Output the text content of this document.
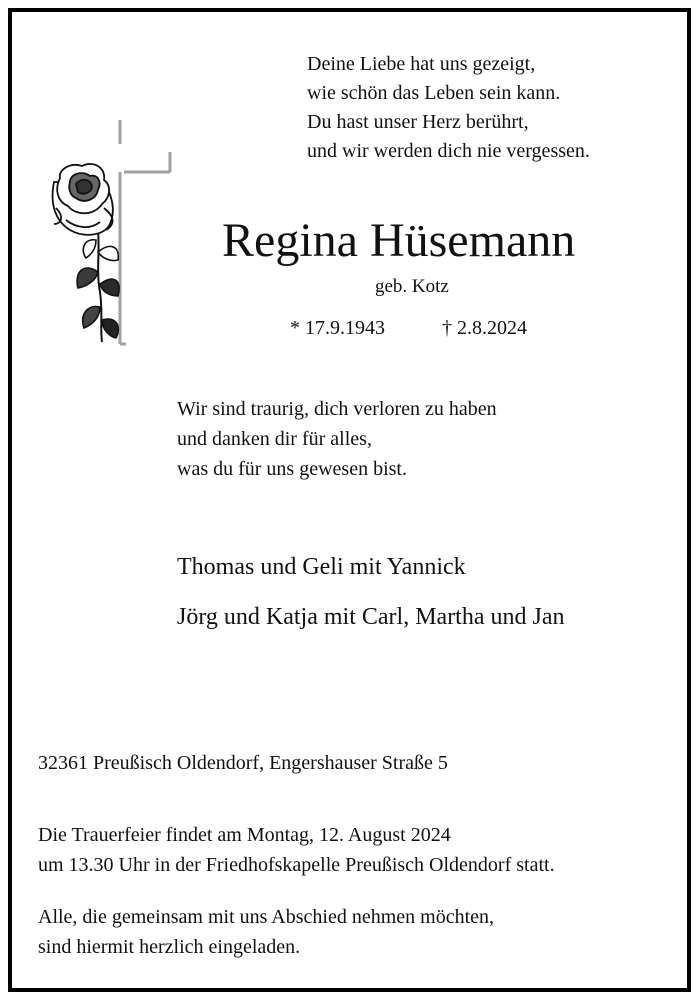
Deine Liebe hat uns gezeigt,
wie schön das Leben sein kann.
Du hast unser Herz berührt,
und wir werden dich nie vergessen.
Regina Hüsemann
geb. Kotz
* 17.9.1943	† 2.8.2024
Wir sind traurig, dich verloren zu haben
und danken dir für alles,
was du für uns gewesen bist.
Thomas und Geli mit Yannick
Jörg und Katja mit Carl, Martha und Jan
32361 Preußisch Oldendorf, Engershauser Straße 5
Die Trauerfeier findet am Montag, 12. August 2024
um 13.30 Uhr in der Friedhofskapelle Preußisch Oldendorf statt.
Alle, die gemeinsam mit uns Abschied nehmen möchten,
sind hiermit herzlich eingeladen.
